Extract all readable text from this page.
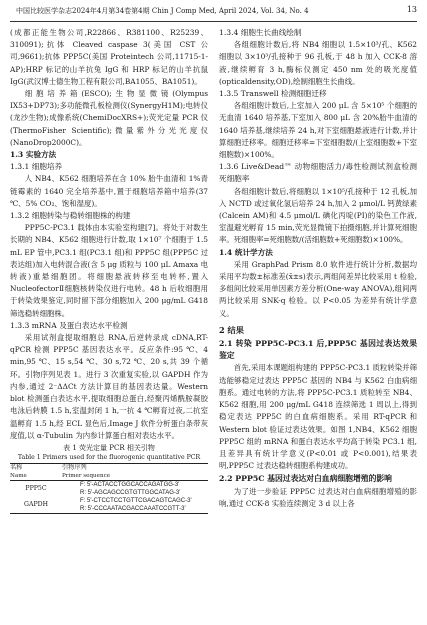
中国比较医学杂志2024年4月第34卷第4期 Chin J Comp Med, April 2024, Vol. 34, No. 4	13

(成都正能生物公司,R22866、R381100、R25239、310091);抗体 Cleaved caspase 3(美国 CST 公司,9661);抗体 PPP5C(美国 Proteintech 公司,11715-1-AP);HRP 标记的山羊抗兔 IgG 和 HRP 标记的山羊抗鼠 IgG(武汉博士德生物工程有限公司,BA1055、BA1051)。

细胞培养箱(ESCO);生物显微镜(Olympus IX53+DP73);多功能微孔板检测仪(SynergyH1M);电转仪(龙沙生物);成像系统(ChemiDocXRS+);荧光定量 PCR 仪(ThermoFisher Scientific);微量紫外分光光度仪(NanoDrop2000C)。

1.3 实验方法
1.3.1 细胞培养

人 NB4、K562 细胞培养在含 10% 胎牛血清和 1%青链霉素的 1640 完全培养基中,置于细胞培养箱中培养(37 ℃、5% CO₂、饱和湿度)。

1.3.2 细胞转染与稳转细胞株的构建

PPP5C-PC3.1 载体由本实验室构建[7]。将处于对数生长期的 NB4、K562 细胞进行计数,取 1×10⁷ 个细胞于 1.5 mL EP 管中,PC3.1 组(PC3.1 组)和 PPP5C 组(PPP5C 过表达组)加入电转混合液(含 5 μg 质粒与 100 μL Amaxa 电转液)重悬细胞团。将细胞悬液转移至电转杯,置入 NucleofectorⅡ细胞核转染仪进行电转。48 h 后收细胞用于转染效果鉴定,同时留下部分细胞加入 200 μg/mL G418 筛选稳转细胞株。

1.3.3 mRNA 及蛋白表达水平检测

采用试剂盒提取细胞总 RNA,后逆转录成 cDNA,RT-qPCR 检测 PPP5C 基因表达水平。反应条件:95 ℃、4 min,95 ℃、15 s,54 ℃、30 s,72 ℃、20 s,共 39 个循环。引物序列见表 1。进行 3 次重复实验,以 GAPDH 作为内参,通过 2⁻ΔΔCt 方法计算目的基因表达量。Western blot 检测蛋白表达水平,提取细胞总蛋白,经聚丙烯酰胺凝胶电泳后转膜 1.5 h,室温封闭 1 h,一抗 4 ℃孵育过夜,二抗室温孵育 1.5 h,经 ECL 显色后,Image J 软件分析蛋白条带灰度值,以 α-Tubulin 为内参计算蛋白相对表达水平。

表 1 荧光定量 PCR 相关引物
Table 1 Primers used for the fluorogenic quantitative PCR
名称	引物序列
Name	Primer sequence
PPP5C	F: 5'-ACTACCTGGCACCAGATGG-3'
	R: 5'-AGCAGCCGTGTTGGCATAG-3'
GAPDH	F: 5'-CTCCTCCTGTTCGACAGTCAGC-3'
	R: 5'-CCCAATACGACCAAATCCGTT-3'
1.3.4 细胞生长曲线绘制

各组细胞计数后,将 NB4 细胞以 1.5×10³/孔、K562 细胞以 3×10³/孔接种于 96 孔板,于 48 h 加入 CCK-8 溶液,继续孵育 3 h,酶标仪测定 450 nm 处的吸光度值(opticaldensity,OD),绘制细胞生长曲线。

1.3.5 Transwell 检测细胞迁移

各组细胞计数后,上室加入 200 μL 含 5×10⁵ 个细胞的无血清 1640 培养基,下室加入 800 μL 含 20%胎牛血清的 1640 培养基,继续培养 24 h,对下室细胞悬液进行计数,并计算细胞迁移率。细胞迁移率=下室细胞数/(上室细胞数+下室细胞数)×100%。

1.3.6 Live&Dead™ 动物细胞活力/毒性检测试剂盒检测死细胞率

各组细胞计数后,将细胞以 1×10⁵/孔接种于 12 孔板,加入 NCTD 或过氧化氢后培养 24 h,加入 2 μmol/L 钙黄绿素(Calcein AM)和 4.5 μmol/L 碘化丙啶(PI)的染色工作液,室温避光孵育 15 min,荧光显微镜下拍摄细胞,并计算死细胞率。死细胞率=死细胞数/(活细胞数+死细胞数)×100%。

1.4 统计学方法

采用 GraphPad Prism 8.0 软件进行统计分析,数据均采用平均数±标准差(x̄±s)表示,两组间差异比较采用 t 检验,多组间比较采用单因素方差分析(One-way ANOVA),组间两两比较采用 SNK-q 检验。以 P<0.05 为差异有统计学意义。

2 结果
2.1 转染 PPP5C-PC3.1 后,PPP5C 基因过表达效果鉴定

首先,采用本课题组构建的 PPP5C-PC3.1 质粒转染并筛选能够稳定过表达 PPP5C 基因的 NB4 与 K562 白血病细胞系。通过电转的方法,将 PPP5C-PC3.1 质粒转至 NB4、K562 细胞,用 200 μg/mL G418 连续筛选 1 周以上,得到稳定表达 PPP5C 的白血病细胞系。采用 RT-qPCR 和 Western blot 验证过表达效果。如图 1,NB4、K562 细胞 PPP5C 组的 mRNA 和蛋白表达水平均高于转染 PC3.1 组,且差异具有统计学意义(P<0.01 或 P<0.001),结果表明,PPP5C 过表达稳转细胞系构建成功。

2.2 PPP5C 基因过表达对白血病细胞增殖的影响

为了进一步验证 PPP5C 过表达对白血病细胞增殖的影响,通过 CCK-8 实验连续测定 3 d 以上各
